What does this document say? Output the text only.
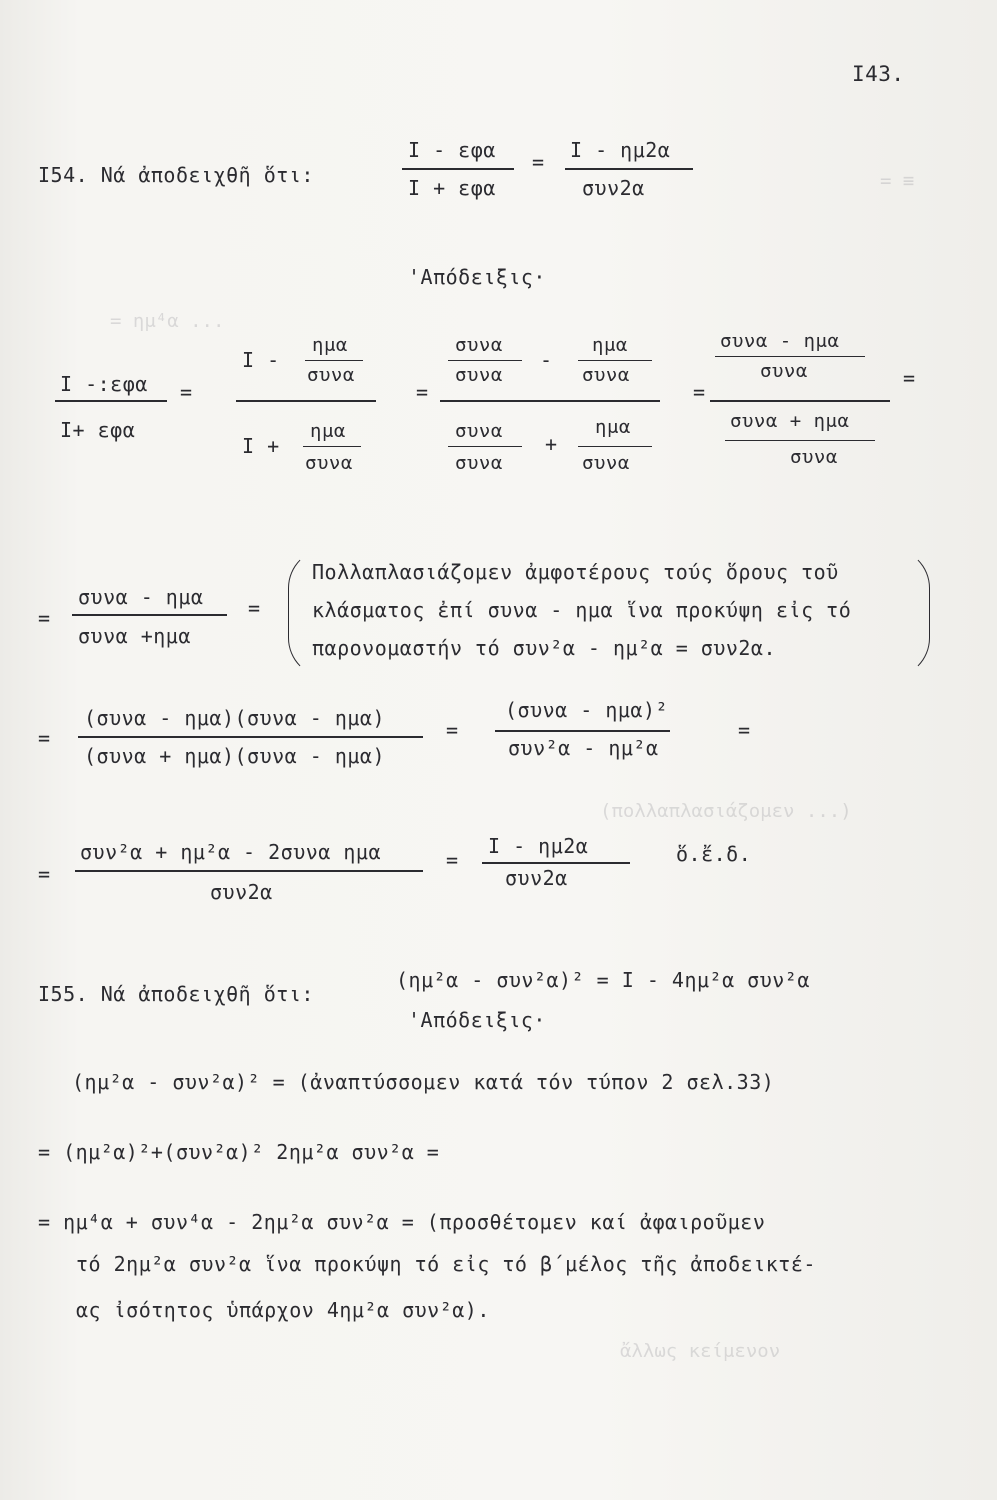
= ≡
= ημ⁴α ...
(πολλαπλασιάζομεν ...)
ἄλλως κείμενον
I43.
I54. Νά ἀποδειχθῆ ὅτι:
I - εφα
I + εφα
= I - ημ2α
συν2α
'Απόδειξις·
I -:εφα
I+ εφα
=
I -
ημα
συνα
I +
ημα
συνα
=
συνα
συνα
-
ημα
συνα
συνα
συνα
+
ημα
συνα
=
συνα - ημα
συνα
συνα + ημα
συνα
=
=
συνα - ημα
συνα +ημα
=
Πολλαπλασιάζομεν ἀμφοτέρους τούς ὅρους τοῦ
κλάσματος ἐπί συνα - ημα ἵνα προκύψη εἰς τό
παρονομαστήν τό συν²α - ημ²α = συν2α.
=
(συνα - ημα)(συνα - ημα)
(συνα + ημα)(συνα - ημα)
=
(συνα - ημα)²
συν²α - ημ²α
=
=
συν²α + ημ²α - 2συνα ημα
συν2α
=
I - ημ2α
συν2α
ὅ.ἔ.δ.
I55. Νά ἀποδειχθῆ ὅτι:
(ημ²α - συν²α)² = I - 4ημ²α συν²α
'Απόδειξις·
(ημ²α - συν²α)² = (ἀναπτύσσομεν κατά τόν τύπον 2 σελ.33)
= (ημ²α)²+(συν²α)² 2ημ²α συν²α =
= ημ⁴α + συν⁴α - 2ημ²α συν²α = (προσθέτομεν καί ἀφαιροῦμεν
τό 2ημ²α συν²α ἵνα προκύψη τό εἰς τό β΄μέλος τῆς ἀποδεικτέ-
ας ἰσότητος ὑπάρχον 4ημ²α συν²α).
